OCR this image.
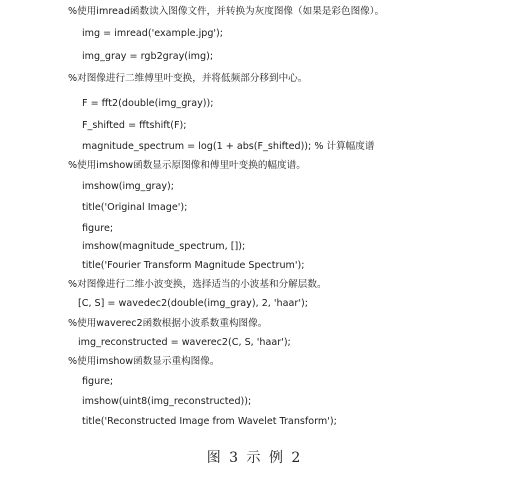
%使用imread函数读入图像文件，并转换为灰度图像（如果是彩色图像）。
img = imread('example.jpg');
img_gray = rgb2gray(img);
%对图像进行二维傅里叶变换，并将低频部分移到中心。
F = fft2(double(img_gray));
F_shifted = fftshift(F);
magnitude_spectrum = log(1 + abs(F_shifted)); % 计算幅度谱
%使用imshow函数显示原图像和傅里叶变换的幅度谱。
imshow(img_gray);
title('Original Image');
figure;
imshow(magnitude_spectrum, []);
title('Fourier Transform Magnitude Spectrum');
%对图像进行二维小波变换，选择适当的小波基和分解层数。
[C, S] = wavedec2(double(img_gray), 2, 'haar');
%使用waverec2函数根据小波系数重构图像。
img_reconstructed = waverec2(C, S, 'haar');
%使用imshow函数显示重构图像。
figure;
imshow(uint8(img_reconstructed));
title('Reconstructed Image from Wavelet Transform');
图 3 示 例 2
